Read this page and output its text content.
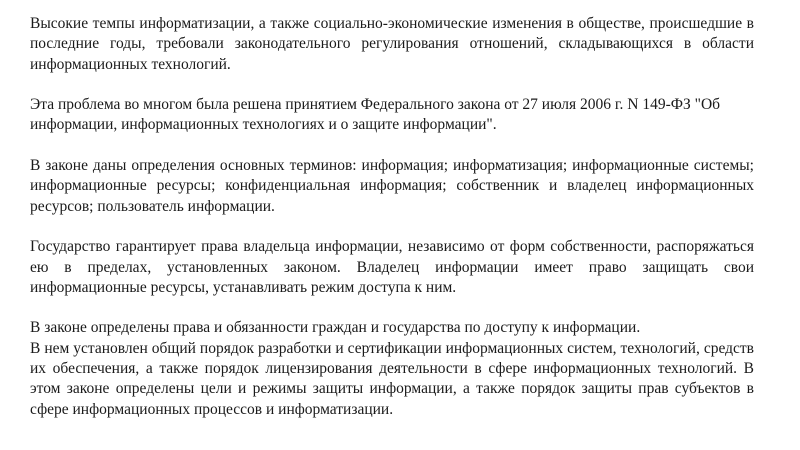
Высокие темпы информатизации, а также социально-экономические изменения в обществе, происшедшие в последние годы, требовали законодательного регулирования отношений, складывающихся в области информационных технологий.

Эта проблема во многом была решена принятием Федерального закона от 27 июля 2006 г. N 149-ФЗ "Об информации, информационных технологиях и о защите информации".

В законе даны определения основных терминов: информация; информатизация; информационные системы; информационные ресурсы; конфиденциальная информация; собственник и владелец информационных ресурсов; пользователь информации.

Государство гарантирует права владельца информации, независимо от форм собственности, распоряжаться ею в пределах, установленных законом. Владелец информации имеет право защищать свои информационные ресурсы, устанавливать режим доступа к ним.

В законе определены права и обязанности граждан и государства по доступу к информации.

В нем установлен общий порядок разработки и сертификации информационных систем, технологий, средств их обеспечения, а также порядок лицензирования деятельности в сфере информационных технологий. В этом законе определены цели и режимы защиты информации, а также порядок защиты прав субъектов в сфере информационных процессов и информатизации.
